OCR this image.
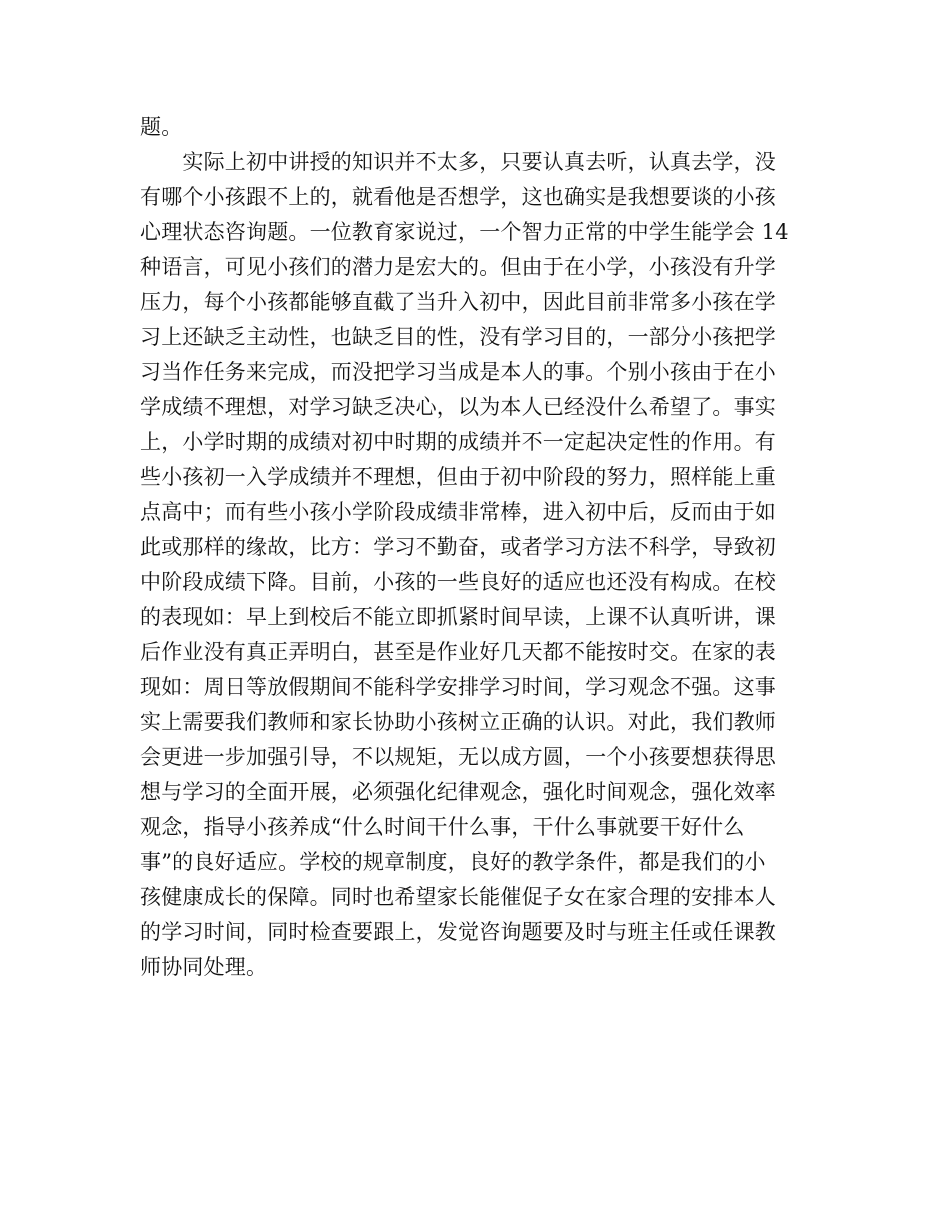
题。
　　实际上初中讲授的知识并不太多，只要认真去听，认真去学，没
有哪个小孩跟不上的，就看他是否想学，这也确实是我想要谈的小孩
心理状态咨询题。一位教育家说过，一个智力正常的中学生能学会 14
种语言，可见小孩们的潜力是宏大的。但由于在小学，小孩没有升学
压力，每个小孩都能够直截了当升入初中，因此目前非常多小孩在学
习上还缺乏主动性，也缺乏目的性，没有学习目的，一部分小孩把学
习当作任务来完成，而没把学习当成是本人的事。个别小孩由于在小
学成绩不理想，对学习缺乏决心，以为本人已经没什么希望了。事实
上，小学时期的成绩对初中时期的成绩并不一定起决定性的作用。有
些小孩初一入学成绩并不理想，但由于初中阶段的努力，照样能上重
点高中；而有些小孩小学阶段成绩非常棒，进入初中后，反而由于如
此或那样的缘故，比方：学习不勤奋，或者学习方法不科学，导致初
中阶段成绩下降。目前，小孩的一些良好的适应也还没有构成。在校
的表现如：早上到校后不能立即抓紧时间早读，上课不认真听讲，课
后作业没有真正弄明白，甚至是作业好几天都不能按时交。在家的表
现如：周日等放假期间不能科学安排学习时间，学习观念不强。这事
实上需要我们教师和家长协助小孩树立正确的认识。对此，我们教师
会更进一步加强引导，不以规矩，无以成方圆，一个小孩要想获得思
想与学习的全面开展，必须强化纪律观念，强化时间观念，强化效率
观念，指导小孩养成“什么时间干什么事，干什么事就要干好什么
事”的良好适应。学校的规章制度，良好的教学条件，都是我们的小
孩健康成长的保障。同时也希望家长能催促子女在家合理的安排本人
的学习时间，同时检查要跟上，发觉咨询题要及时与班主任或任课教
师协同处理。
